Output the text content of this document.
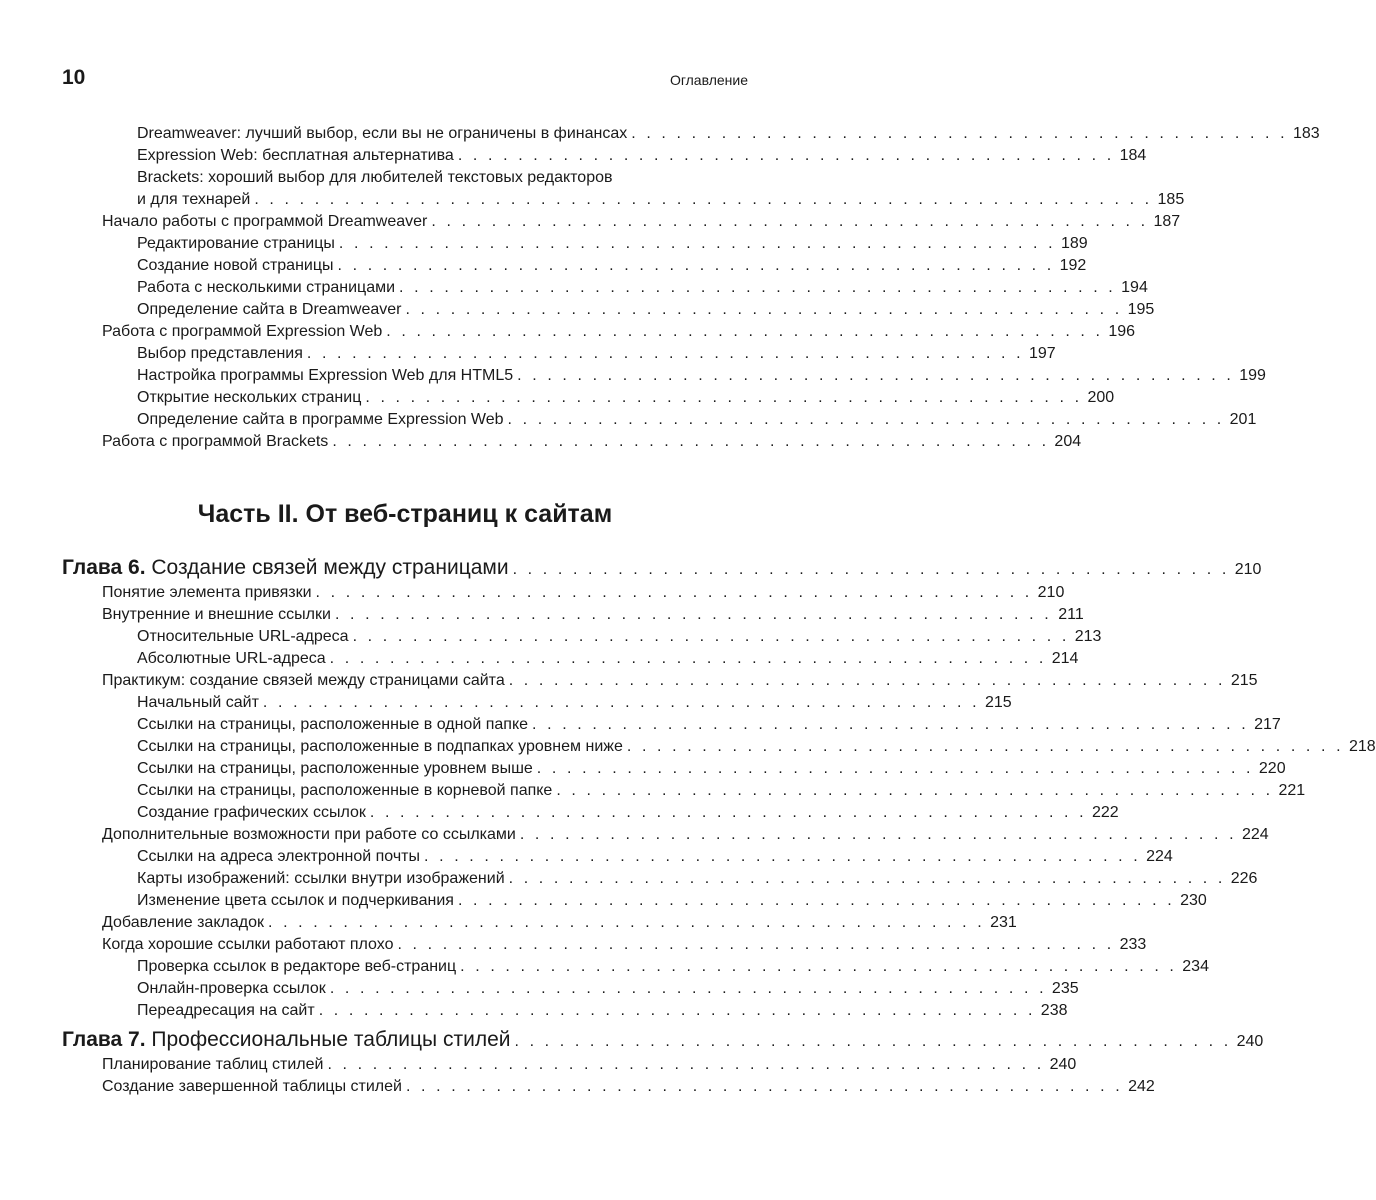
10	Оглавление
Dreamweaver: лучший выбор, если вы не ограничены в финансах . . . . . . . . . . . . . . . . . . . . . . . . . . . . . . . . . . . . . . . . . . . . 183
Expression Web: бесплатная альтернатива . . . . . . . . . . . . . . . . . . . . . . . . . . . . . . . . . . . . . . . . . . . . 184
Brackets: хороший выбор для любителей текстовых редакторов
и для технарей . . . . . . . . . . . . . . . . . . . . . . . . . . . . . . . . . . . . . . . . . . . . . . . . . . . . . . . . . . . . 185
Начало работы с программой Dreamweaver . . . . . . . . . . . . . . . . . . . . . . . . . . . . . . . . . . . . . . . . . . . . . . . . 187
Редактирование страницы . . . . . . . . . . . . . . . . . . . . . . . . . . . . . . . . . . . . . . . . . . . . . . . . 189
Создание новой страницы . . . . . . . . . . . . . . . . . . . . . . . . . . . . . . . . . . . . . . . . . . . . . . . . 192
Работа с несколькими страницами . . . . . . . . . . . . . . . . . . . . . . . . . . . . . . . . . . . . . . . . . . . . . . . . 194
Определение сайта в Dreamweaver . . . . . . . . . . . . . . . . . . . . . . . . . . . . . . . . . . . . . . . . . . . . . . . . 195
Работа с программой Expression Web . . . . . . . . . . . . . . . . . . . . . . . . . . . . . . . . . . . . . . . . . . . . . . . . 196
Выбор представления . . . . . . . . . . . . . . . . . . . . . . . . . . . . . . . . . . . . . . . . . . . . . . . . 197
Настройка программы Expression Web для HTML5 . . . . . . . . . . . . . . . . . . . . . . . . . . . . . . . . . . . . . . . . . . . . . . . . 199
Открытие нескольких страниц . . . . . . . . . . . . . . . . . . . . . . . . . . . . . . . . . . . . . . . . . . . . . . . . 200
Определение сайта в программе Expression Web . . . . . . . . . . . . . . . . . . . . . . . . . . . . . . . . . . . . . . . . . . . . . . . . 201
Работа с программой Brackets . . . . . . . . . . . . . . . . . . . . . . . . . . . . . . . . . . . . . . . . . . . . . . . . 204
Часть II. От веб-страниц к сайтам
Глава 6. Создание связей между страницами . . . . . . . . . . . . . . . . . . . . . . . . . . . . . . . . . . . . . . . . . . . . . . . . 210
Понятие элемента привязки . . . . . . . . . . . . . . . . . . . . . . . . . . . . . . . . . . . . . . . . . . . . . . . . 210
Внутренние и внешние ссылки . . . . . . . . . . . . . . . . . . . . . . . . . . . . . . . . . . . . . . . . . . . . . . . . 211
Относительные URL-адреса . . . . . . . . . . . . . . . . . . . . . . . . . . . . . . . . . . . . . . . . . . . . . . . . 213
Абсолютные URL-адреса . . . . . . . . . . . . . . . . . . . . . . . . . . . . . . . . . . . . . . . . . . . . . . . . 214
Практикум: создание связей между страницами сайта . . . . . . . . . . . . . . . . . . . . . . . . . . . . . . . . . . . . . . . . . . . . . . . . 215
Начальный сайт . . . . . . . . . . . . . . . . . . . . . . . . . . . . . . . . . . . . . . . . . . . . . . . . 215
Ссылки на страницы, расположенные в одной папке . . . . . . . . . . . . . . . . . . . . . . . . . . . . . . . . . . . . . . . . . . . . . . . . 217
Ссылки на страницы, расположенные в подпапках уровнем ниже . . . . . . . . . . . . . . . . . . . . . . . . . . . . . . . . . . . . . . . . . . . . . . . . 218
Ссылки на страницы, расположенные уровнем выше . . . . . . . . . . . . . . . . . . . . . . . . . . . . . . . . . . . . . . . . . . . . . . . . 220
Ссылки на страницы, расположенные в корневой папке . . . . . . . . . . . . . . . . . . . . . . . . . . . . . . . . . . . . . . . . . . . . . . . . 221
Создание графических ссылок . . . . . . . . . . . . . . . . . . . . . . . . . . . . . . . . . . . . . . . . . . . . . . . . 222
Дополнительные возможности при работе со ссылками . . . . . . . . . . . . . . . . . . . . . . . . . . . . . . . . . . . . . . . . . . . . . . . . 224
Ссылки на адреса электронной почты . . . . . . . . . . . . . . . . . . . . . . . . . . . . . . . . . . . . . . . . . . . . . . . . 224
Карты изображений: ссылки внутри изображений . . . . . . . . . . . . . . . . . . . . . . . . . . . . . . . . . . . . . . . . . . . . . . . . 226
Изменение цвета ссылок и подчеркивания . . . . . . . . . . . . . . . . . . . . . . . . . . . . . . . . . . . . . . . . . . . . . . . . 230
Добавление закладок . . . . . . . . . . . . . . . . . . . . . . . . . . . . . . . . . . . . . . . . . . . . . . . . 231
Когда хорошие ссылки работают плохо . . . . . . . . . . . . . . . . . . . . . . . . . . . . . . . . . . . . . . . . . . . . . . . . 233
Проверка ссылок в редакторе веб-страниц . . . . . . . . . . . . . . . . . . . . . . . . . . . . . . . . . . . . . . . . . . . . . . . . 234
Онлайн-проверка ссылок . . . . . . . . . . . . . . . . . . . . . . . . . . . . . . . . . . . . . . . . . . . . . . . . 235
Переадресация на сайт . . . . . . . . . . . . . . . . . . . . . . . . . . . . . . . . . . . . . . . . . . . . . . . . 238
Глава 7. Профессиональные таблицы стилей . . . . . . . . . . . . . . . . . . . . . . . . . . . . . . . . . . . . . . . . . . . . . . . . 240
Планирование таблиц стилей . . . . . . . . . . . . . . . . . . . . . . . . . . . . . . . . . . . . . . . . . . . . . . . . 240
Создание завершенной таблицы стилей . . . . . . . . . . . . . . . . . . . . . . . . . . . . . . . . . . . . . . . . . . . . . . . . 242
